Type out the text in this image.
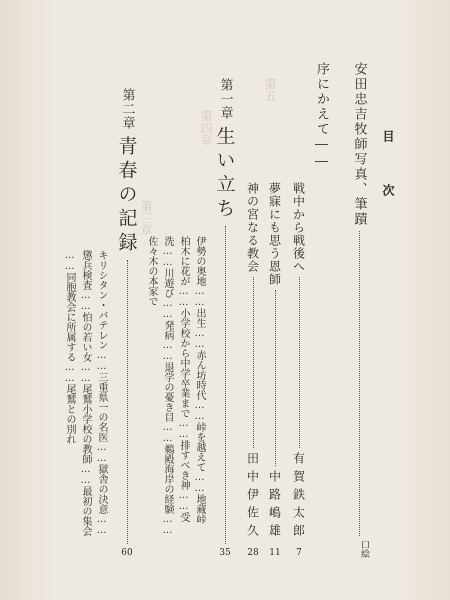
第五
第四章
第三章
目 次
安田忠吉牧師写真、筆蹟
口絵
序にかえて――
戦中から戦後へ
有賀鉄太郎
7
夢寐にも思う恩師
中路嶋雄
11
神の宮なる教会
田中伊佐久
28
第一章
生い立ち
35
伊勢の奥地……出生……赤ん坊時代……峠を越えて……地蔵峠
柏木に花が……小学校から中学卒業まで……排すべき神……受
洗……川遊び……発病……退学の憂き目……鵜殿海岸の経験……
佐々木の本家で
第二章
青春の記録
60
キリシタン・バテレン……三重県一の名医……獄舎の決意……
懲兵検査……怕の若い女……尾鷲小学校の教師……最初の集会
……同胞教会に所属する……尾鷲との別れ
